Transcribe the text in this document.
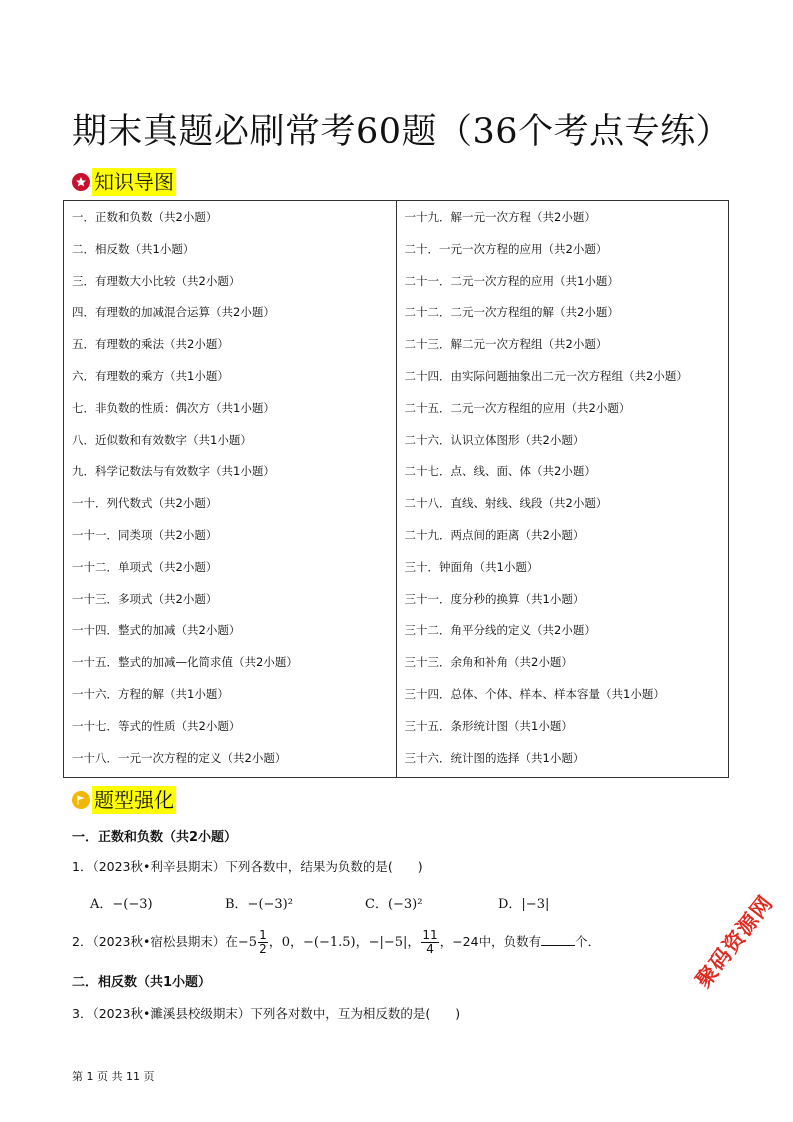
期末真题必刷常考60题（36个考点专练）
知识导图
一．正数和负数（共2小题）
二．相反数（共1小题）
三．有理数大小比较（共2小题）
四．有理数的加减混合运算（共2小题）
五．有理数的乘法（共2小题）
六．有理数的乘方（共1小题）
七．非负数的性质：偶次方（共1小题）
八．近似数和有效数字（共1小题）
九．科学记数法与有效数字（共1小题）
一十．列代数式（共2小题）
一十一．同类项（共2小题）
一十二．单项式（共2小题）
一十三．多项式（共2小题）
一十四．整式的加减（共2小题）
一十五．整式的加减—化简求值（共2小题）
一十六．方程的解（共1小题）
一十七．等式的性质（共2小题）
一十八．一元一次方程的定义（共2小题）

一十九．解一元一次方程（共2小题）
二十．一元一次方程的应用（共2小题）
二十一．二元一次方程的应用（共1小题）
二十二．二元一次方程组的解（共2小题）
二十三．解二元一次方程组（共2小题）
二十四．由实际问题抽象出二元一次方程组（共2小题）
二十五．二元一次方程组的应用（共2小题）
二十六．认识立体图形（共2小题）
二十七．点、线、面、体（共2小题）
二十八．直线、射线、线段（共2小题）
二十九．两点间的距离（共2小题）
三十．钟面角（共1小题）
三十一．度分秒的换算（共1小题）
三十二．角平分线的定义（共2小题）
三十三．余角和补角（共2小题）
三十四．总体、个体、样本、样本容量（共1小题）
三十五．条形统计图（共1小题）
三十六．统计图的选择（共1小题）
题型强化
一．正数和负数（共2小题）
1．（2023秋•利辛县期末）下列各数中，结果为负数的是(　　)
A．−(−3)	B．−(−3)²	C．(−3)²	D．|−3|
2．（2023秋•宿松县期末）在$-5 \frac{1}{2}$ ，0，−(−1.5)，−|−5|， $\frac{11}{4}$ ，−24中，负数有	个．
二．相反数（共1小题）
3．（2023秋•濉溪县校级期末）下列各对数中，互为相反数的是(　　)
第 1 页 共 11 页
聚码资源网
